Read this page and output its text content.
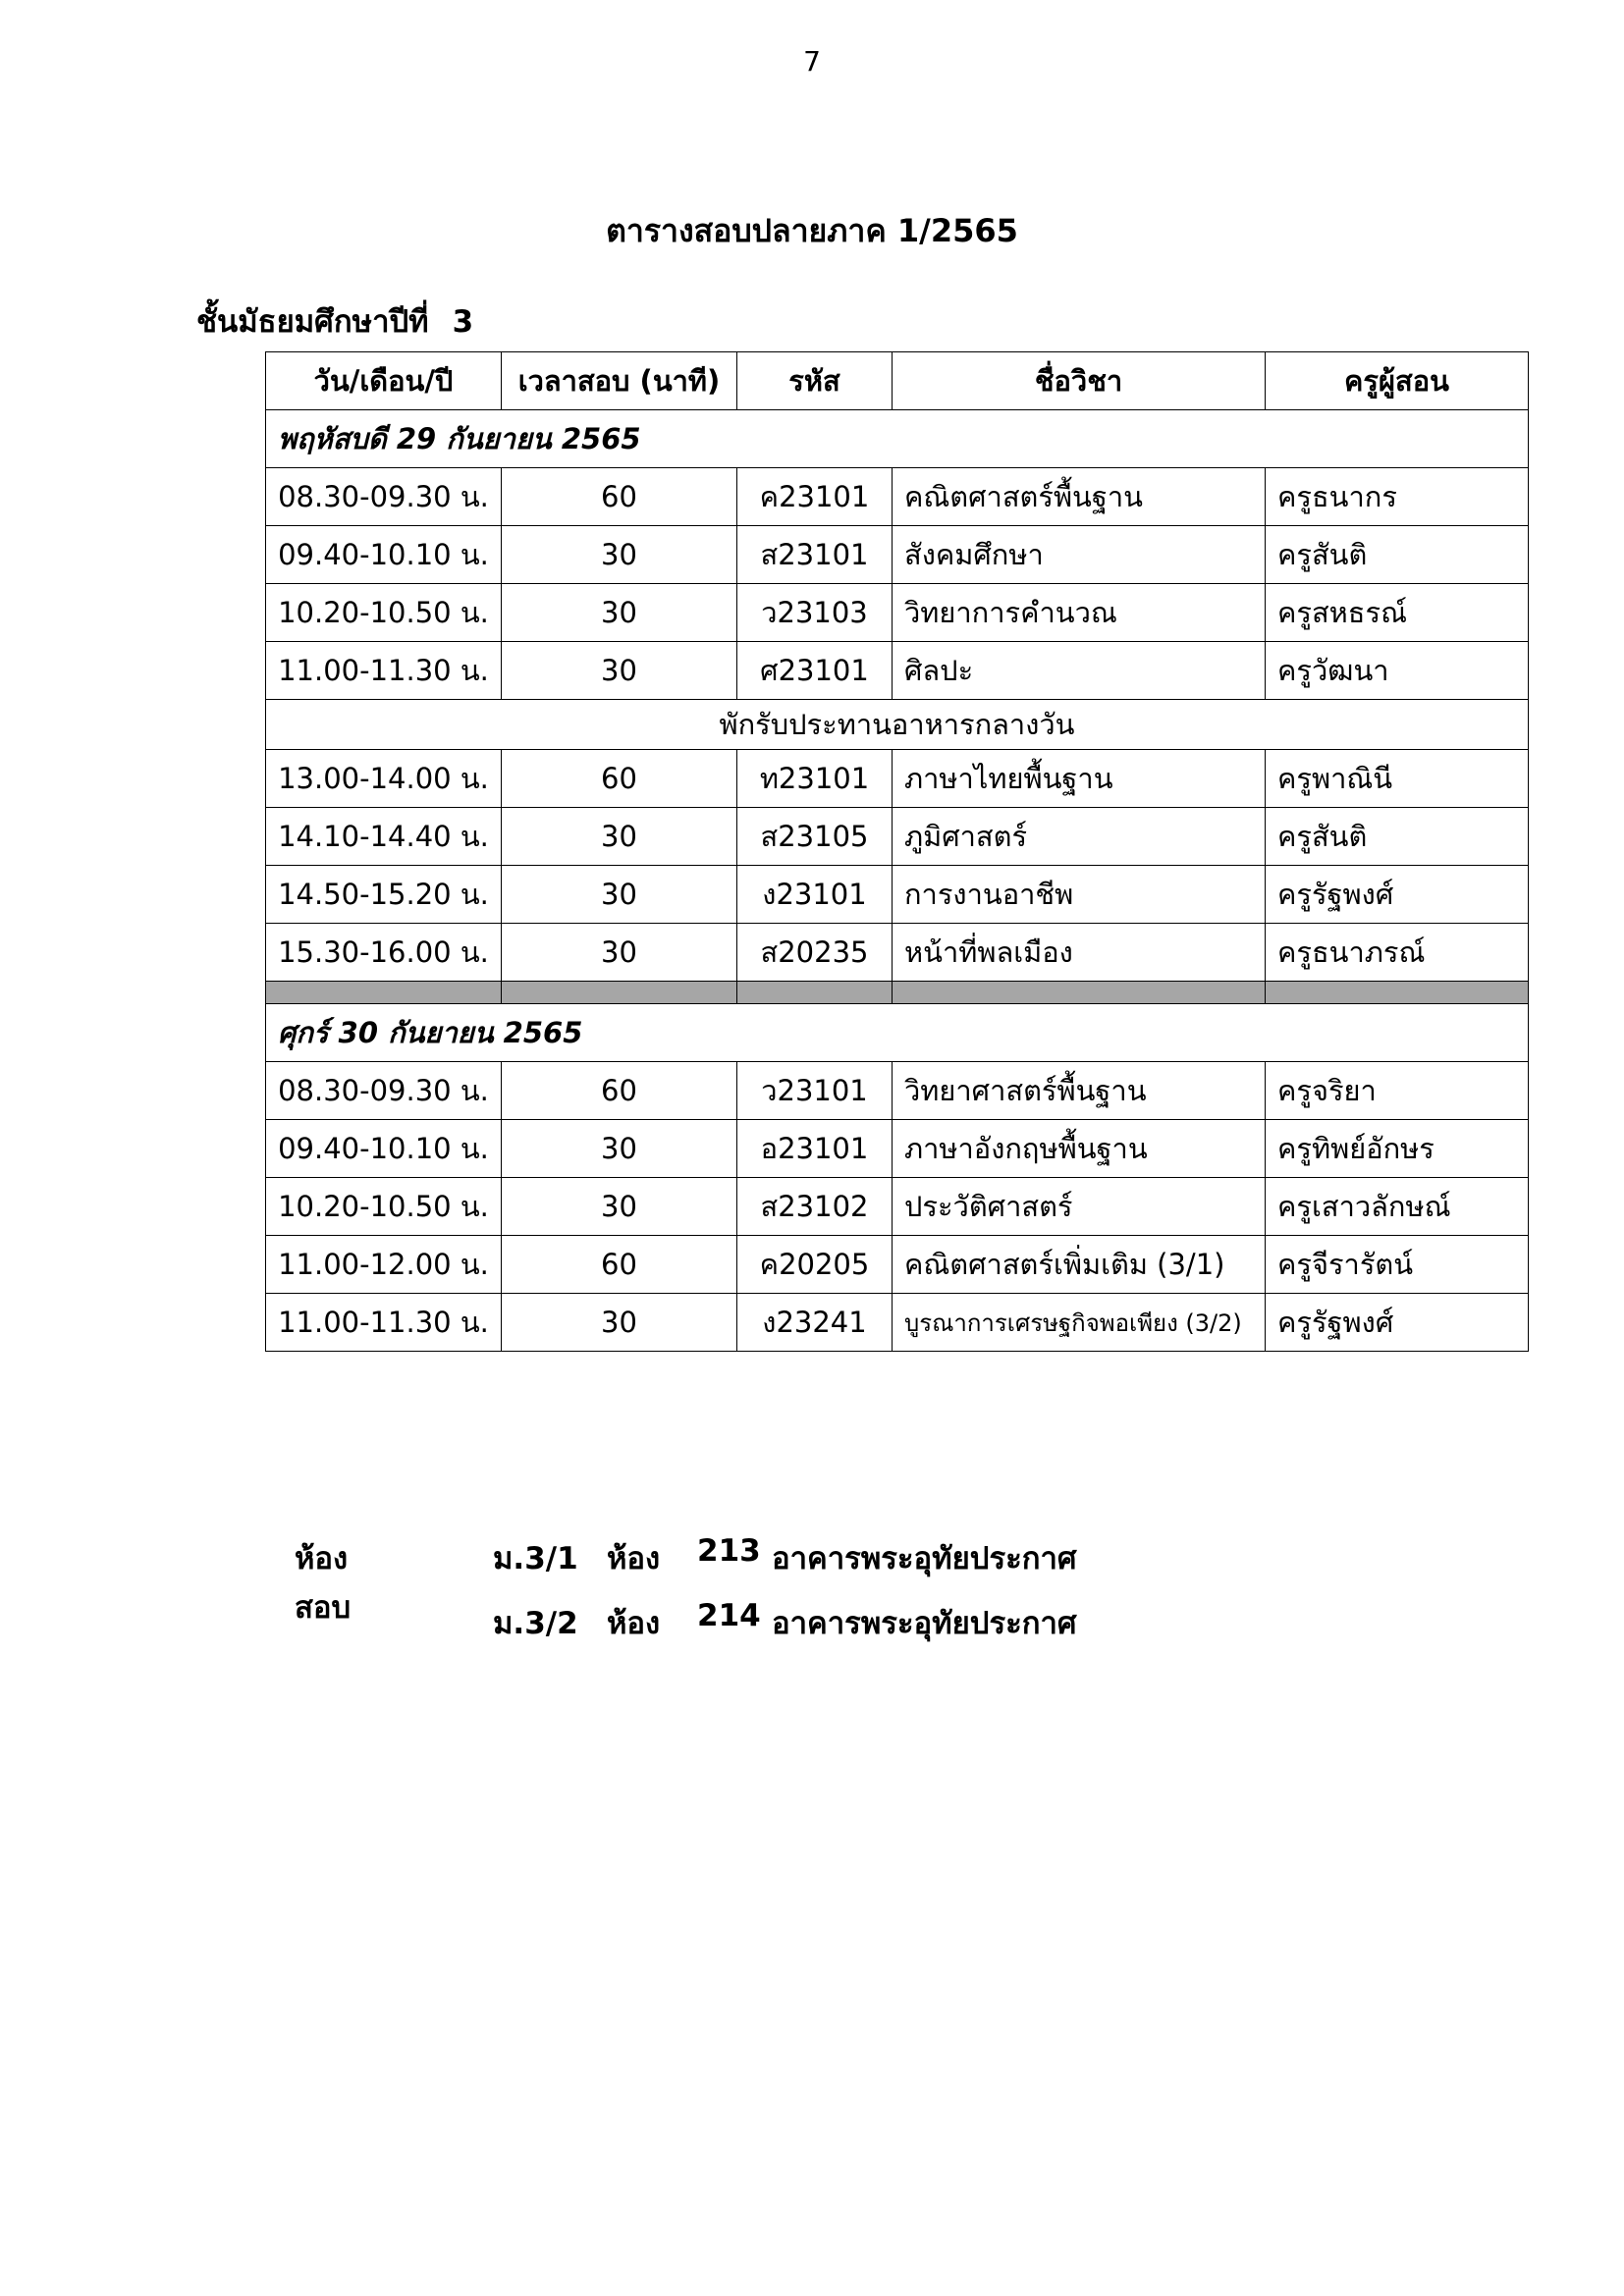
7
ตารางสอบปลายภาค 1/2565
ชั้นมัธยมศึกษาปีที่ 3
วัน/เดือน/ปี	เวลาสอบ (นาที)	รหัส	ชื่อวิชา	ครูผู้สอน
พฤหัสบดี 29 กันยายน 2565				
08.30-09.30 น.	60	ค23101	คณิตศาสตร์พื้นฐาน	ครูธนากร
09.40-10.10 น.	30	ส23101	สังคมศึกษา	ครูสันติ
10.20-10.50 น.	30	ว23103	วิทยาการคำนวณ	ครูสหธรณ์
11.00-11.30 น.	30	ศ23101	ศิลปะ	ครูวัฒนา
พักรับประทานอาหารกลางวัน				
13.00-14.00 น.	60	ท23101	ภาษาไทยพื้นฐาน	ครูพาณินี
14.10-14.40 น.	30	ส23105	ภูมิศาสตร์	ครูสันติ
14.50-15.20 น.	30	ง23101	การงานอาชีพ	ครูรัฐพงศ์
15.30-16.00 น.	30	ส20235	หน้าที่พลเมือง	ครูธนาภรณ์

ศุกร์ 30 กันยายน 2565				
08.30-09.30 น.	60	ว23101	วิทยาศาสตร์พื้นฐาน	ครูจริยา
09.40-10.10 น.	30	อ23101	ภาษาอังกฤษพื้นฐาน	ครูทิพย์อักษร
10.20-10.50 น.	30	ส23102	ประวัติศาสตร์	ครูเสาวลักษณ์
11.00-12.00 น.	60	ค20205	คณิตศาสตร์เพิ่มเติม (3/1)	ครูจีรารัตน์
11.00-11.30 น.	30	ง23241	บูรณาการเศรษฐกิจพอเพียง (3/2)	ครูรัฐพงศ์
ห้องสอบ
ม.3/1 ห้อง 213 อาคารพระอุทัยประกาศ
ม.3/2 ห้อง 214 อาคารพระอุทัยประกาศ
